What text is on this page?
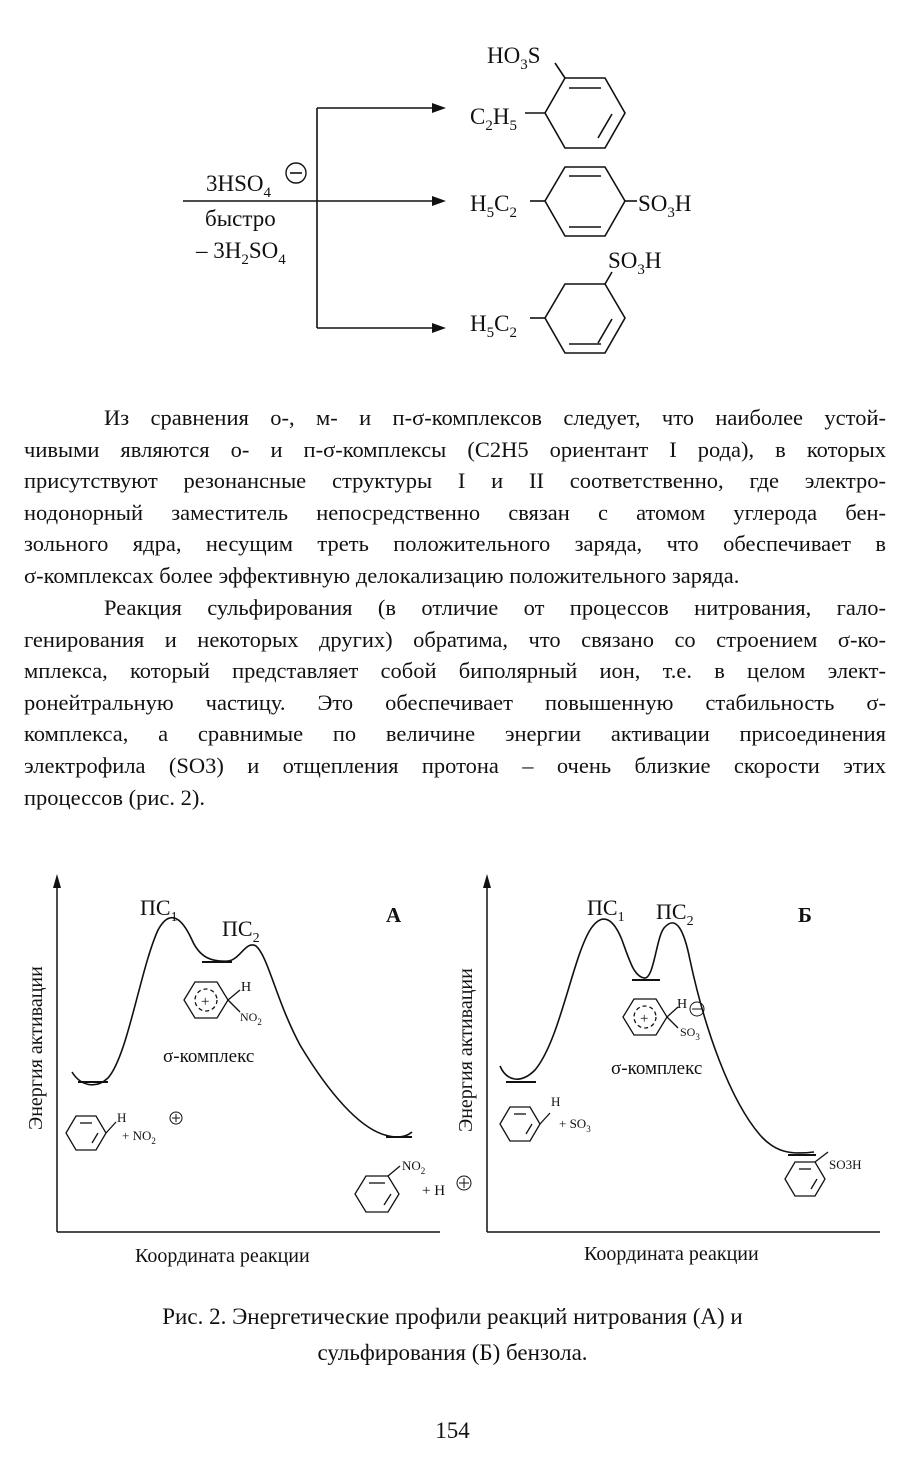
$3HSO_4$
быстро
– $3H_2SO_4$
$HO_3S$
$C_2H_5$
$H_5C_2$	$SO_3H$
$SO_3H$
$H_5C_2$
Из сравнения о-, м- и п-σ-комплексов следует, что наиболее устой-
чивыми являются о- и п-σ-комплексы (C2H5 ориентант I рода), в которых
присутствуют резонансные структуры I и II соответственно, где электро-
нодонорный заместитель непосредственно связан с атомом углерода бен-
зольного ядра, несущим треть положительного заряда, что обеспечивает в
σ-комплексах более эффективную делокализацию положительного заряда.
Реакция сульфирования (в отличие от процессов нитрования, гало-
генирования и некоторых других) обратима, что связано со строением σ-ко-
мплекса, который представляет собой биполярный ион, т.е. в целом элект-
ронейтральную частицу. Это обеспечивает повышенную стабильность σ-
комплекса, а сравнимые по величине энергии активации присоединения
электрофила (SO3) и отщепления протона – очень близкие скорости этих
процессов (рис. 2).
Энергия активации
Координата реакции
А
$ПС_1$ $ПС_2$
+
H
$NO_2$
σ-комплекс
H
+ $NO_2$
$NO_2$
+ H
Энергия активации
Координата реакции
Б
$ПС_1$ $ПС_2$
+
H
$SO_3$
σ-комплекс
H
+ $SO_3$
SO3H
Рис. 2. Энергетические профили реакций нитрования (А) и
сульфирования (Б) бензола.
154
